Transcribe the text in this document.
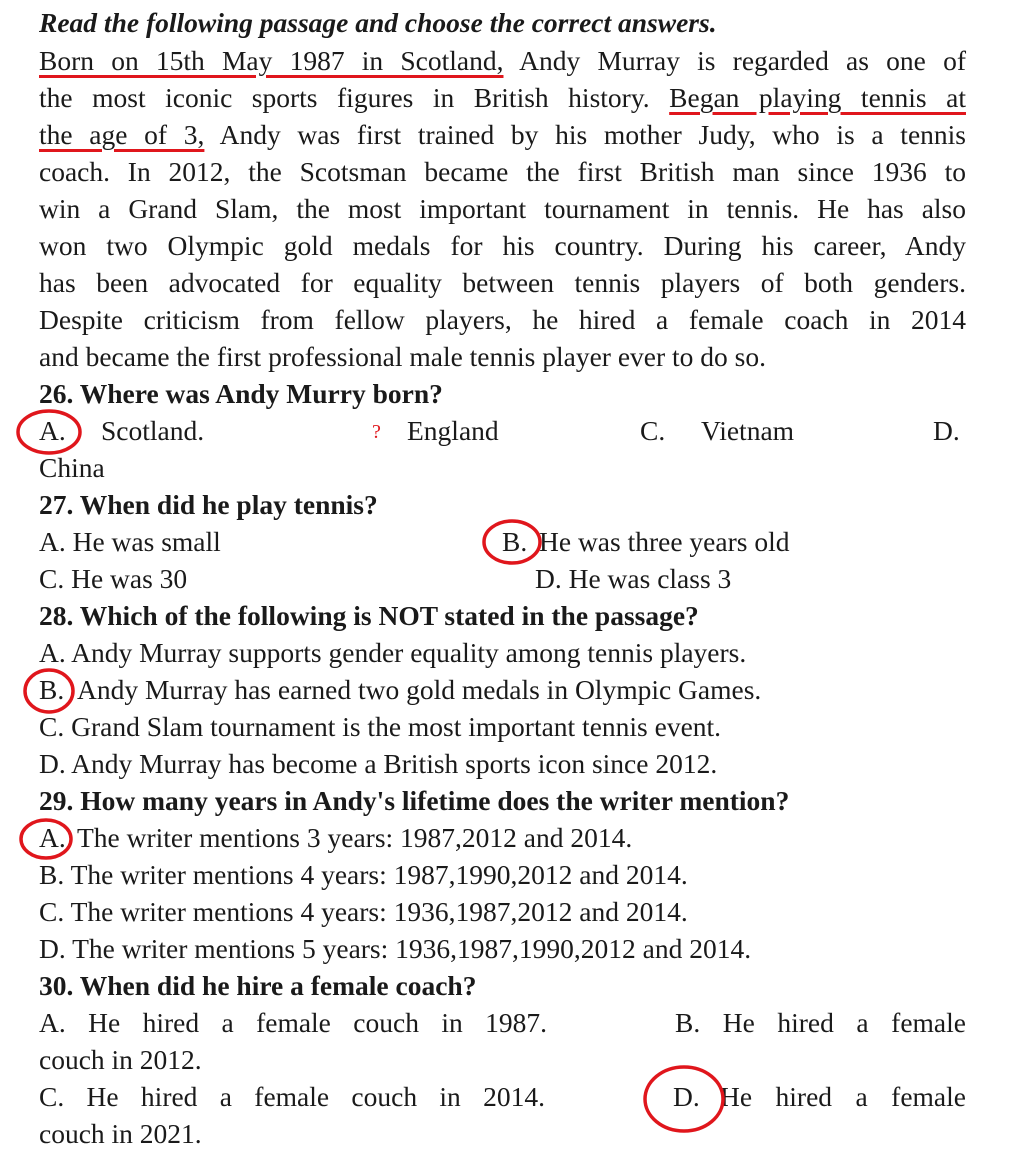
Read the following passage and choose the correct answers.
Born on 15th May 1987 in Scotland, Andy Murray is regarded as one of
the most iconic sports figures in British history. Began playing tennis at
the age of 3, Andy was first trained by his mother Judy, who is a tennis
coach. In 2012, the Scotsman became the first British man since 1936 to
win a Grand Slam, the most important tournament in tennis. He has also
won two Olympic gold medals for his country. During his career, Andy
has been advocated for equality between tennis players of both genders.
Despite criticism from fellow players, he hired a female coach in 2014
and became the first professional male tennis player ever to do so.
26. Where was Andy Murry born?
A. Scotland.	? England	C. Vietnam	D.
China
27. When did he play tennis?
A. He was small	B. He was three years old
C. He was 30	D. He was class 3
28. Which of the following is NOT stated in the passage?
A. Andy Murray supports gender equality among tennis players.
B. Andy Murray has earned two gold medals in Olympic Games.
C. Grand Slam tournament is the most important tennis event.
D. Andy Murray has become a British sports icon since 2012.
29. How many years in Andy's lifetime does the writer mention?
A. The writer mentions 3 years: 1987,2012 and 2014.
B. The writer mentions 4 years: 1987,1990,2012 and 2014.
C. The writer mentions 4 years: 1936,1987,2012 and 2014.
D. The writer mentions 5 years: 1936,1987,1990,2012 and 2014.
30. When did he hire a female coach?
A. He hired a female couch in 1987.	B. He hired a female
couch in 2012.
C. He hired a female couch in 2014.	D. He hired a female
couch in 2021.
